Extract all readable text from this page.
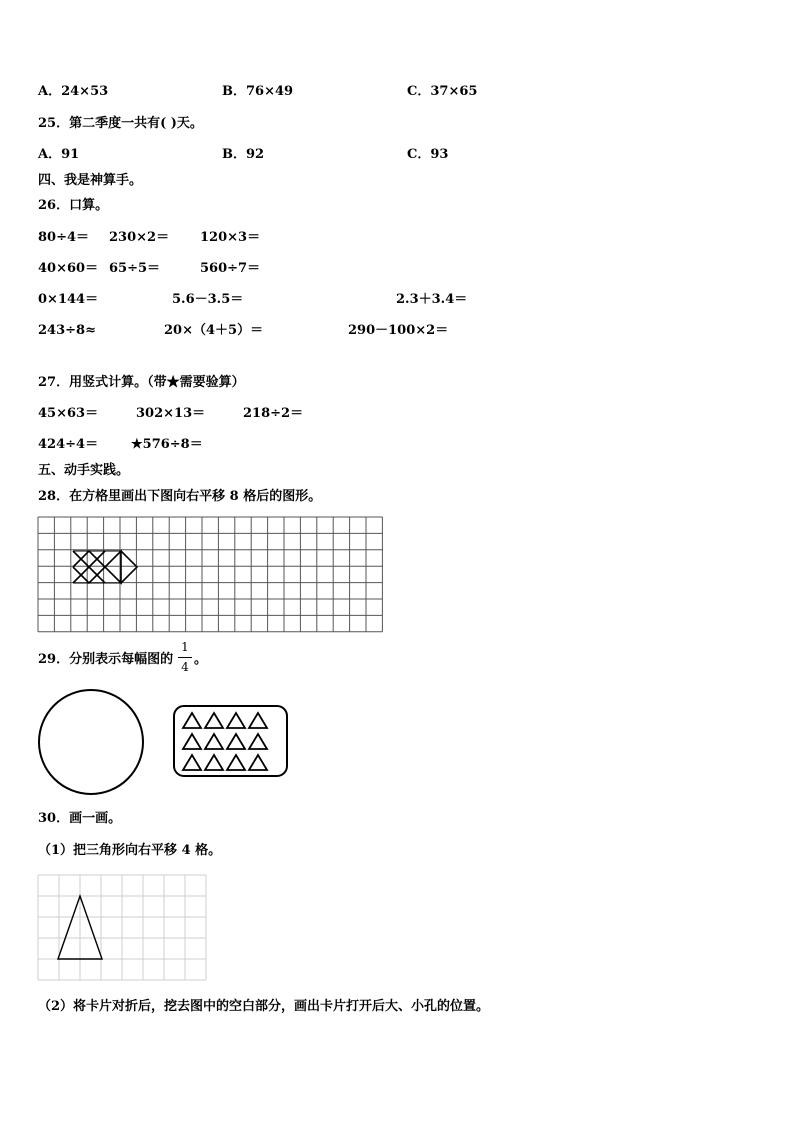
A．24×53	B．76×49	C．37×65
25．第二季度一共有( )天。
A．91	B．92	C．93
四、我是神算手。
26．口算。
80÷4＝ 230×2＝ 120×3＝
40×60＝ 65÷5＝	560÷7＝
0×144＝	5.6－3.5＝	2.3＋3.4＝
243÷8≈	20×（4＋5）＝	290－100×2＝
27．用竖式计算。（带★需要验算）
45×63＝	302×13＝	218÷2＝
424÷4＝	★576÷8＝
五、动手实践。
28．在方格里画出下图向右平移 8 格后的图形。
29．分别表示每幅图的
1
4 。
30．画一画。
（1）把三角形向右平移 4 格。
（2）将卡片对折后，挖去图中的空白部分，画出卡片打开后大、小孔的位置。
